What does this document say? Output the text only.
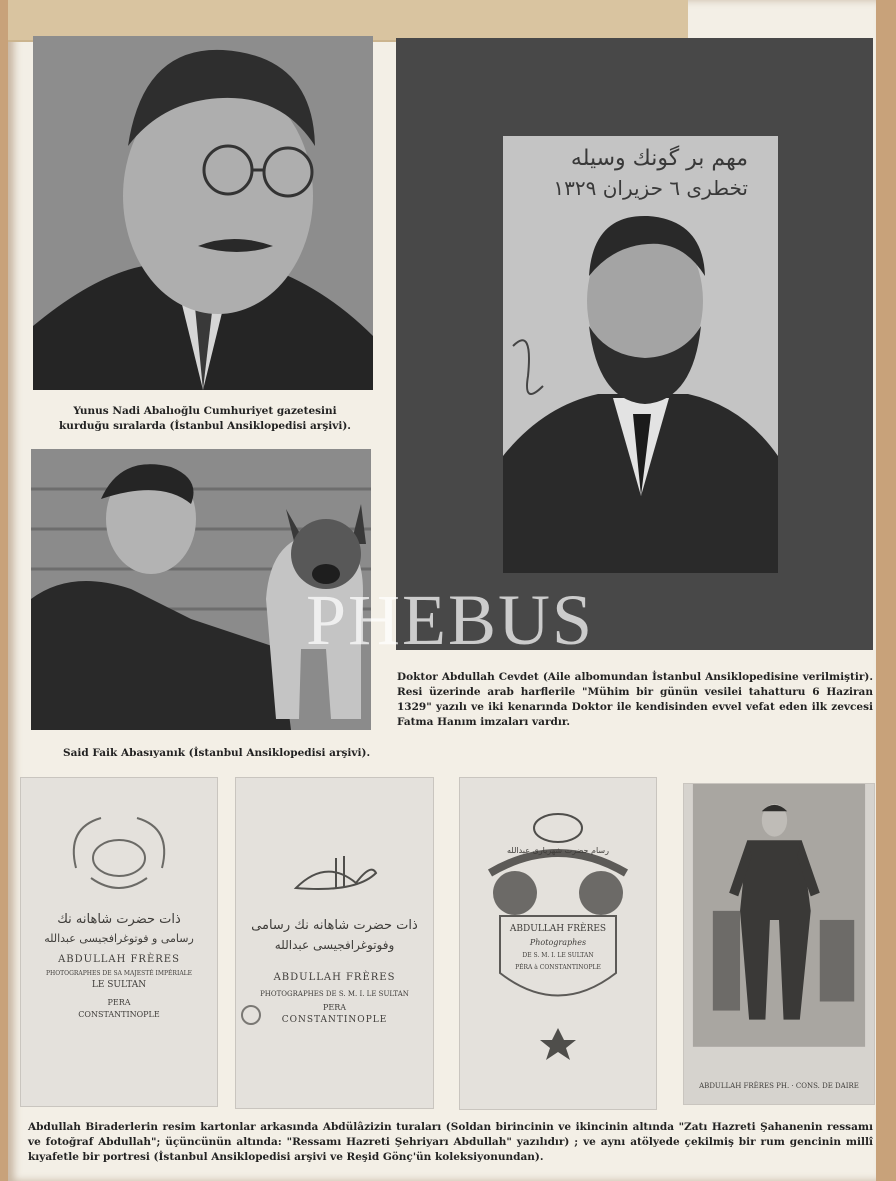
Yunus Nadi Abalıoğlu Cumhuriyet gazetesini kurduğu sıralarda (İstanbul Ansiklopedisi arşivi).
Said Faik Abasıyanık (İstanbul Ansiklopedisi arşivi).
مهم بر گونك وسيله
تخطرى ٦ حزيران ١٣٢٩
Doktor Abdullah Cevdet (Aile albomundan İstanbul Ansiklopedisine verilmiştir). Resi üzerinde arab harflerile "Mühim bir günün vesilei tahatturu 6 Haziran 1329" yazılı ve iki kenarında Doktor ile kendisinden evvel vefat eden ilk zevcesi Fatma Hanım imzaları vardır.
ذات حضرت شاهانه نك
رسامى و فوتوغرافجيسى عبدالله
ABDULLAH FRÈRES
PHOTOGRAPHES DE SA MAJESTÉ IMPÉRIALE
LE SULTAN
PERA
CONSTANTINOPLE
ذات حضرت شاهانه نك رسامى
وفوتوغرافجيسى عبدالله
ABDULLAH FRÈRES
PHOTOGRAPHES DE S. M. I. LE SULTAN
PERA
CONSTANTINOPLE
رسام حضرت شهريارى عبدالله
ABDULLAH FRÈRES
Photographes
DE S. M. I. LE SULTAN
PÉRA à CONSTANTINOPLE
ABDULLAH FRÈRES PH. · CONS. DE DAIRE
Abdullah Biraderlerin resim kartonlar arkasında Abdülâzizin turaları (Soldan birincinin ve ikincinin altında "Zatı Hazreti Şahanenin ressamı ve fotoğraf Abdullah"; üçüncünün altında: "Ressamı Hazreti Şehriyarı Abdullah" yazılıdır) ; ve aynı atölyede çekilmiş bir rum gencinin millî kıyafetle bir portresi (İstanbul Ansiklopedisi arşivi ve Reşid Gönç'ün koleksiyonundan).
PHEBUS
